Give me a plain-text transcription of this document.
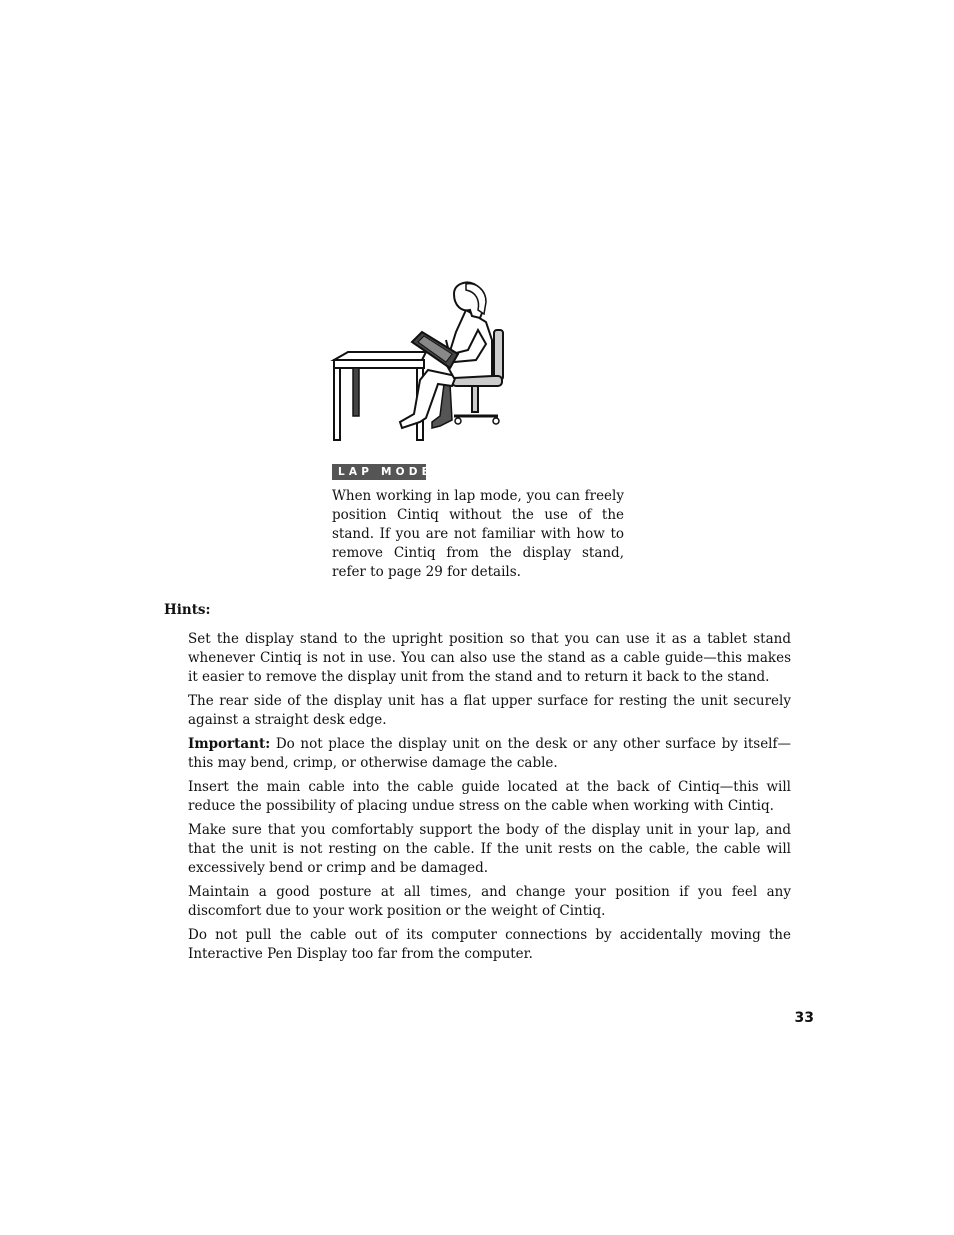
LAP MODE

When working in lap mode, you can freely position Cintiq without the use of the stand. If you are not familiar with how to remove Cintiq from the display stand, refer to page 29 for details.

Hints:

Set the display stand to the upright position so that you can use it as a tablet stand whenever Cintiq is not in use. You can also use the stand as a cable guide—this makes it easier to remove the display unit from the stand and to return it back to the stand.

The rear side of the display unit has a flat upper surface for resting the unit securely against a straight desk edge.

Important: Do not place the display unit on the desk or any other surface by itself—this may bend, crimp, or otherwise damage the cable.

Insert the main cable into the cable guide located at the back of Cintiq—this will reduce the possibility of placing undue stress on the cable when working with Cintiq.

Make sure that you comfortably support the body of the display unit in your lap, and that the unit is not resting on the cable. If the unit rests on the cable, the cable will excessively bend or crimp and be damaged.

Maintain a good posture at all times, and change your position if you feel any discomfort due to your work position or the weight of Cintiq.

Do not pull the cable out of its computer connections by accidentally moving the Interactive Pen Display too far from the computer.

33
